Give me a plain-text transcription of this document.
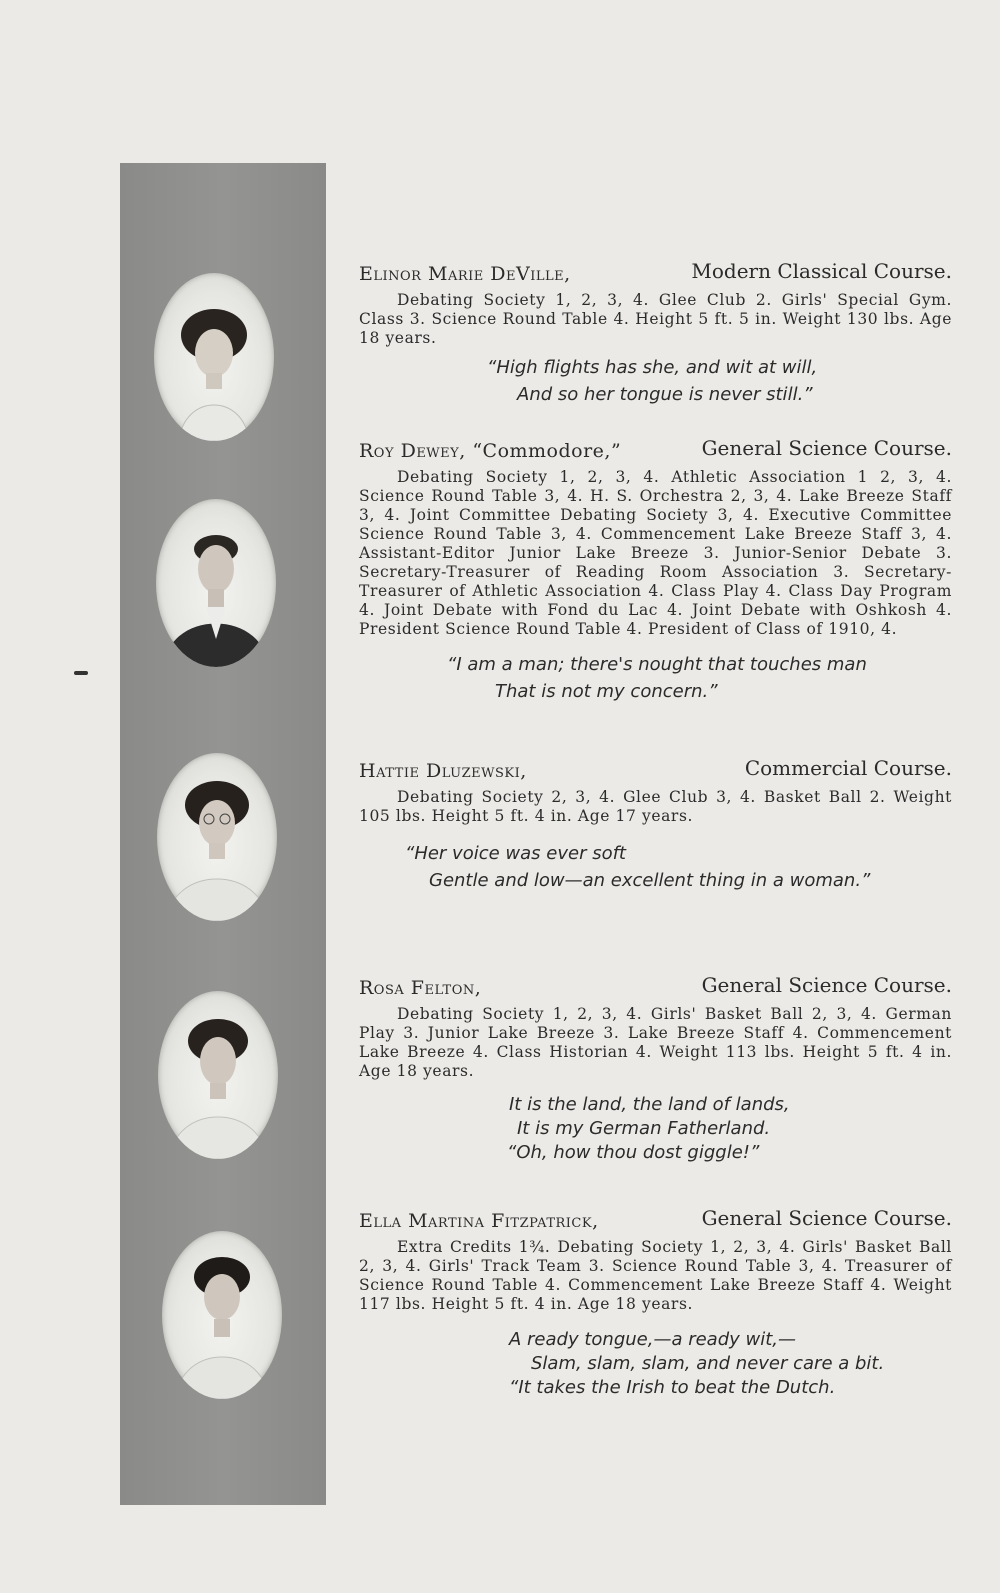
Elinor Marie DeVille,	Modern Classical Course.

Debating Society 1, 2, 3, 4. Glee Club 2. Girls' Special Gym. Class 3. Science Round Table 4. Height 5 ft. 5 in. Weight 130 lbs. Age 18 years.

“High flights has she, and wit at will,
And so her tongue is never still.”
Roy Dewey, “Commodore,”	General Science Course.

Debating Society 1, 2, 3, 4. Athletic Association 1 2, 3, 4. Science Round Table 3, 4. H. S. Orchestra 2, 3, 4. Lake Breeze Staff 3, 4. Joint Committee Debating Society 3, 4. Executive Committee Science Round Table 3, 4. Commencement Lake Breeze Staff 3, 4. Assistant-Editor Junior Lake Breeze 3. Junior-Senior Debate 3. Secretary-Treasurer of Reading Room Association 3. Secretary-Treasurer of Athletic Association 4. Class Play 4. Class Day Program 4. Joint Debate with Fond du Lac 4. Joint Debate with Oshkosh 4. President Science Round Table 4. President of Class of 1910, 4.

“I am a man; there's nought that touches man
That is not my concern.”
Hattie Dluzewski,	Commercial Course.

Debating Society 2, 3, 4. Glee Club 3, 4. Basket Ball 2. Weight 105 lbs. Height 5 ft. 4 in. Age 17 years.

“Her voice was ever soft
Gentle and low—an excellent thing in a woman.”
Rosa Felton,	General Science Course.

Debating Society 1, 2, 3, 4. Girls' Basket Ball 2, 3, 4. German Play 3. Junior Lake Breeze 3. Lake Breeze Staff 4. Commencement Lake Breeze 4. Class Historian 4. Weight 113 lbs. Height 5 ft. 4 in. Age 18 years.

It is the land, the land of lands,
It is my German Fatherland.
“Oh, how thou dost giggle!”
Ella Martina Fitzpatrick,	General Science Course.

Extra Credits 1¾. Debating Society 1, 2, 3, 4. Girls' Basket Ball 2, 3, 4. Girls' Track Team 3. Science Round Table 3, 4. Treasurer of Science Round Table 4. Commencement Lake Breeze Staff 4. Weight 117 lbs. Height 5 ft. 4 in. Age 18 years.

A ready tongue,—a ready wit,—
Slam, slam, slam, and never care a bit.
“It takes the Irish to beat the Dutch.
